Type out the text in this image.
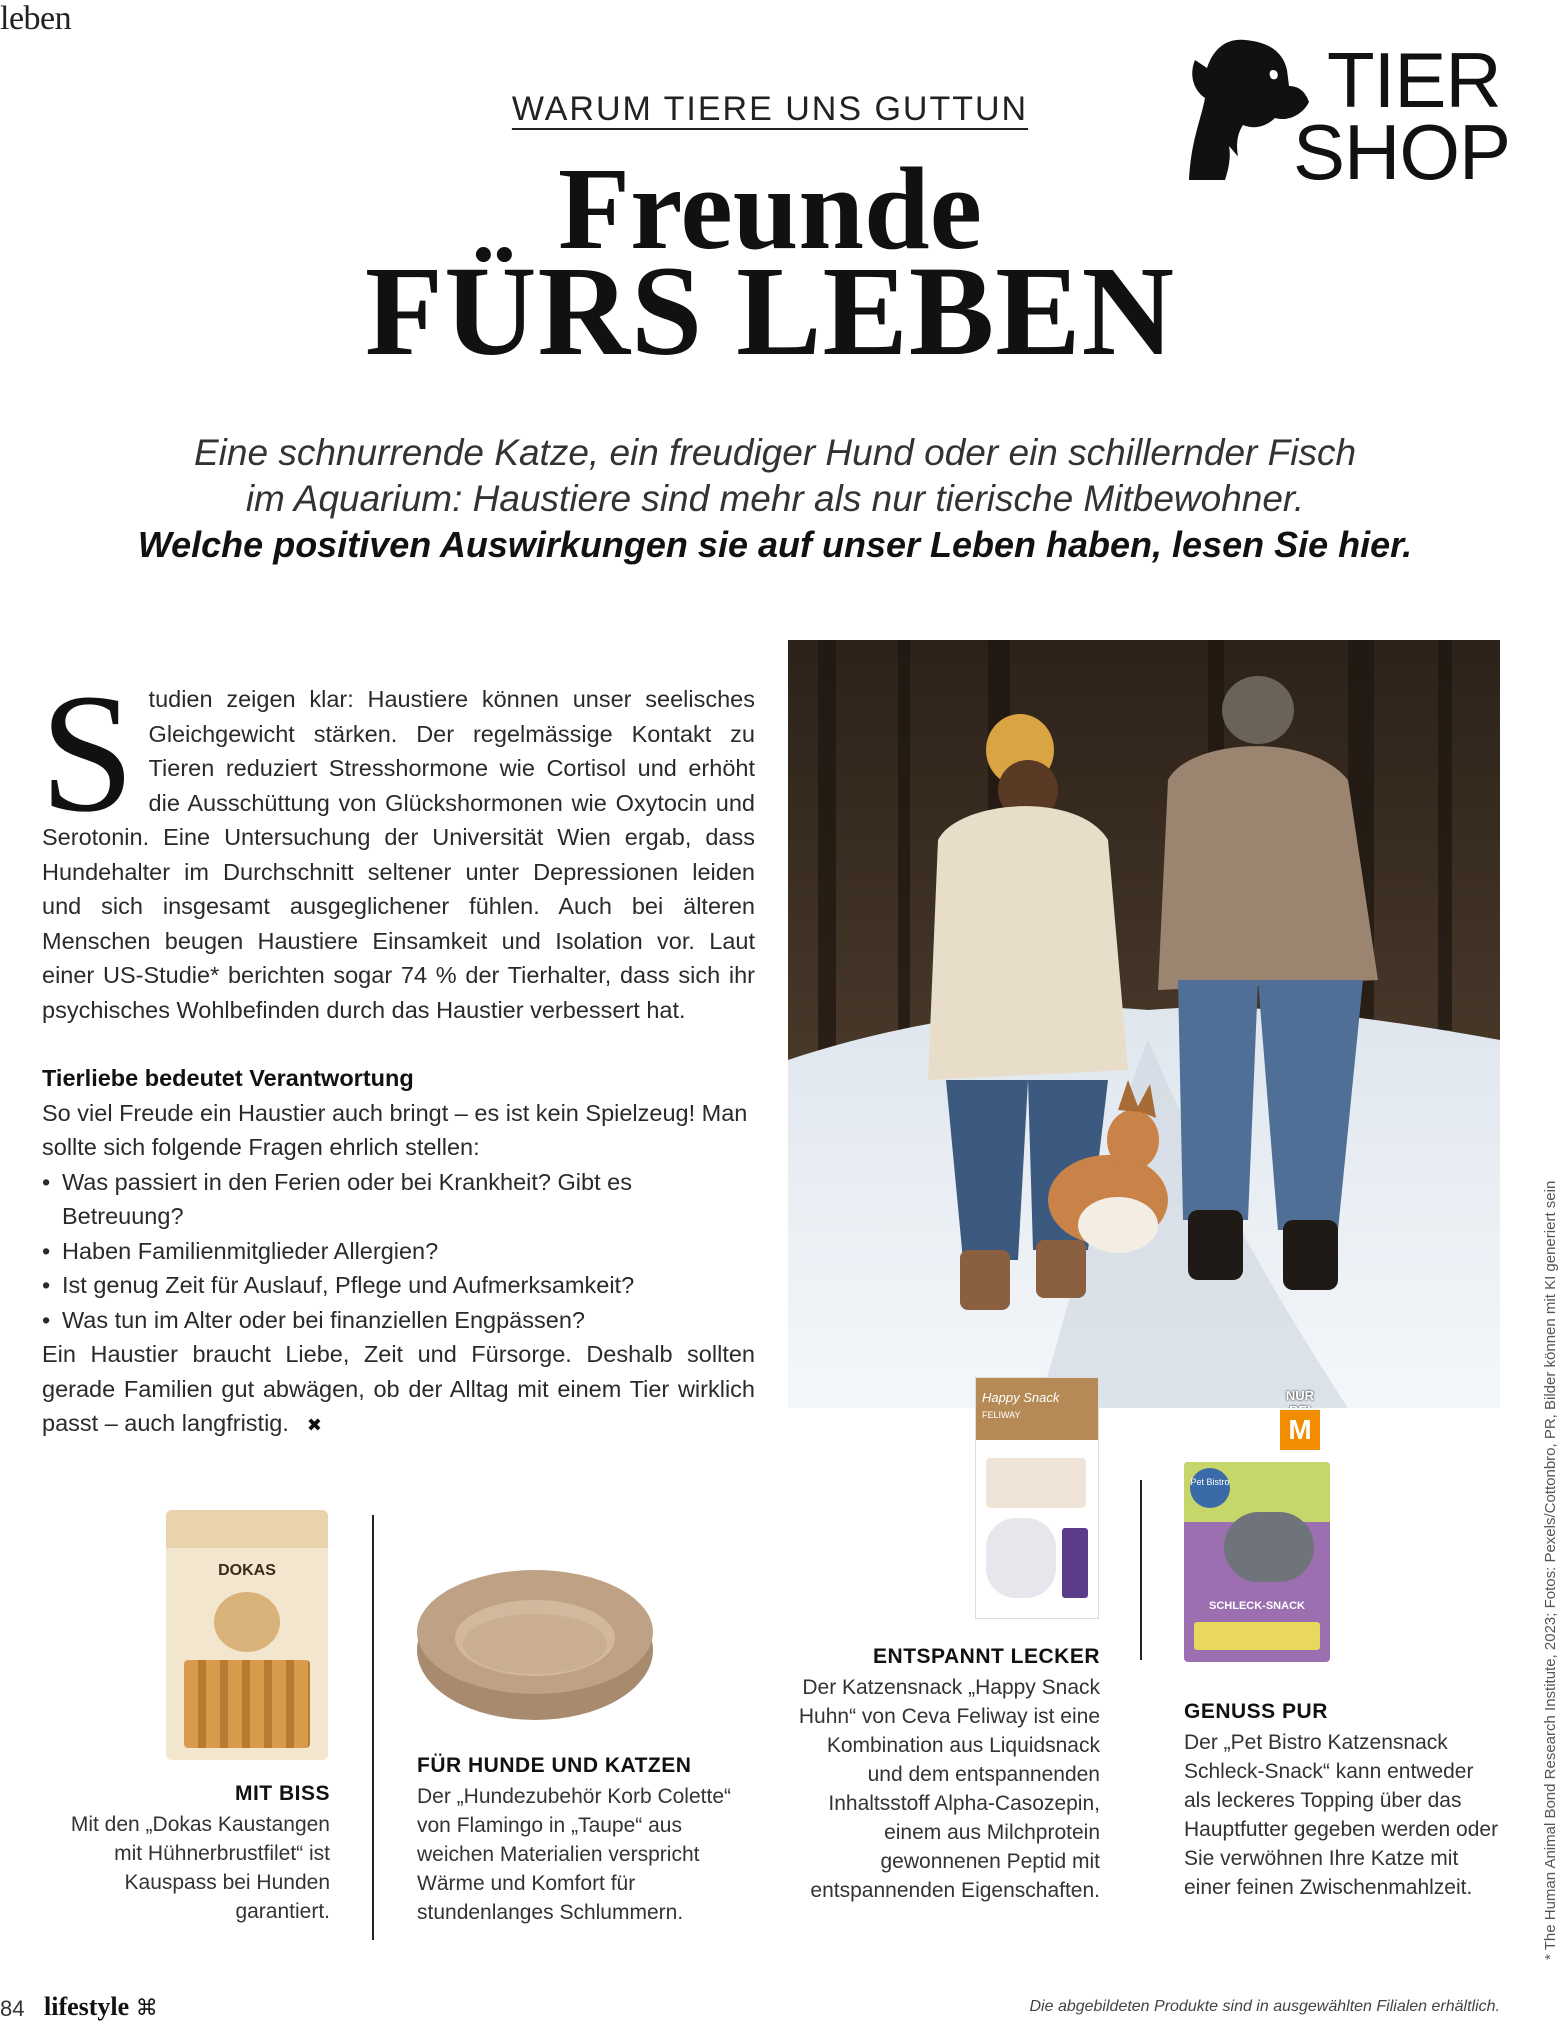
leben
WARUM TIERE UNS GUTTUN
Freunde
FÜRS LEBEN
TIER
SHOP

Eine schnurrende Katze, ein freudiger Hund oder ein schillernder Fisch

im Aquarium: Haustiere sind mehr als nur tierische Mitbewohner.

Welche positiven Auswirkungen sie auf unser Leben haben, lesen Sie hier.

Studien zeigen klar: Haustiere können unser seelisches Gleichgewicht stärken. Der regelmässige Kontakt zu Tieren reduziert Stresshormone wie Cortisol und erhöht die Ausschüttung von Glückshormonen wie Oxytocin und Serotonin. Eine Untersuchung der Universität Wien ergab, dass Hundehalter im Durchschnitt seltener unter Depressionen leiden und sich insgesamt ausgeglichener fühlen. Auch bei älteren Menschen beugen Haustiere Einsamkeit und Isolation vor. Laut einer US-Studie* berichten sogar 74 % der Tierhalter, dass sich ihr psychisches Wohlbefinden durch das Haustier verbessert hat.

Tierliebe bedeutet Verantwortung

So viel Freude ein Haustier auch bringt – es ist kein Spielzeug! Man sollte sich folgende Fragen ehrlich stellen:

• Was passiert in den Ferien oder bei Krankheit? Gibt es Betreuung?
• Haben Familienmitglieder Allergien?
• Ist genug Zeit für Auslauf, Pflege und Aufmerksamkeit?
• Was tun im Alter oder bei finanziellen Engpässen?

Ein Haustier braucht Liebe, Zeit und Fürsorge. Deshalb sollten gerade Familien gut abwägen, ob der Alltag mit einem Tier wirklich passt – auch langfristig. ✖

DOKAS
MIT BISS
Mit den „Dokas Kaustangen mit Hühnerbrustfilet“ ist Kauspass bei Hunden garantiert.
FÜR HUNDE UND KATZEN
Der „Hundezubehör Korb Colette“ von Flamingo in „Taupe“ aus weichen Materialien verspricht Wärme und Komfort für stundenlanges Schlummern.
Happy Snack
FELIWAY
ENTSPANNT LECKER
Der Katzensnack „Happy Snack Huhn“ von Ceva Feliway ist eine Kombination aus Liquidsnack und dem entspannenden Inhaltsstoff Alpha-Casozepin, einem aus Milchprotein gewonnenen Peptid mit entspannenden Eigenschaften.
NUR
M
Pet Bistro
SCHLECK-SNACK
GENUSS PUR
Der „Pet Bistro Katzensnack Schleck-Snack“ kann entweder als leckeres Topping über das Hauptfutter gegeben werden oder Sie verwöhnen Ihre Katze mit einer feinen Zwischenmahlzeit.	* The Human Animal Bond Research Institute, 2023; Fotos: Pexels/Cottonbro, PR, Bilder können mit KI generiert sein
84 lifestyle ⌘	Die abgebildeten Produkte sind in ausgewählten Filialen erhältlich.
